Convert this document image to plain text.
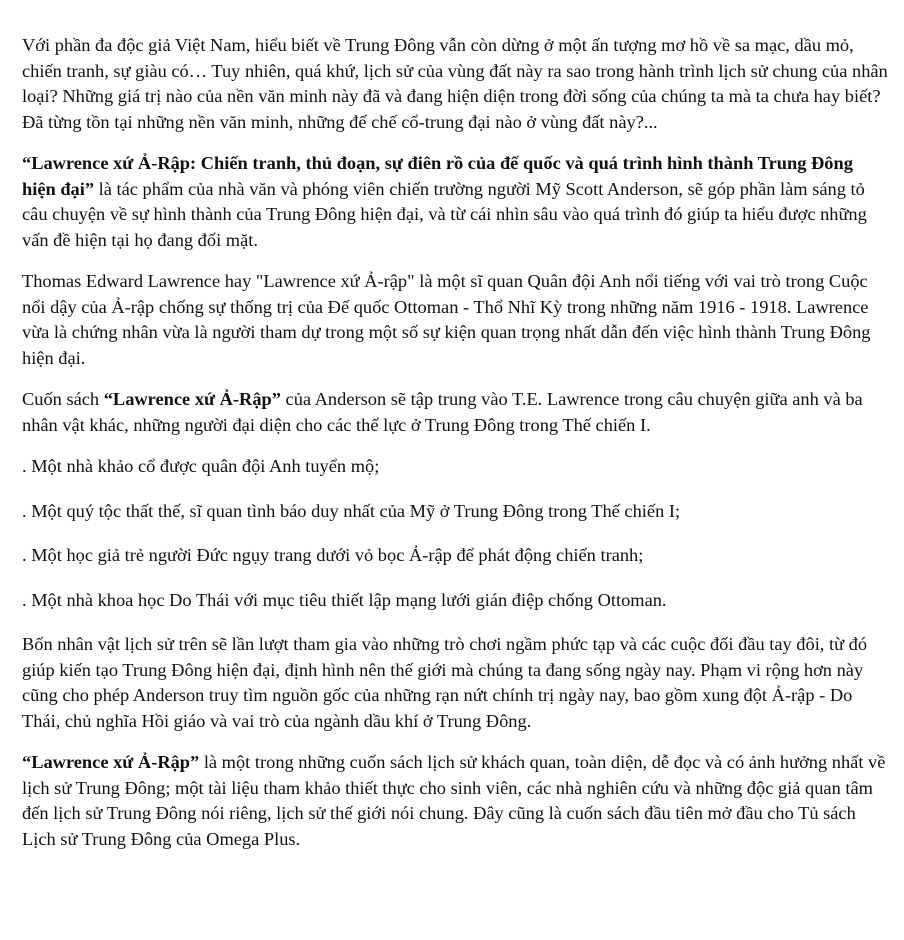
Với phần đa độc giả Việt Nam, hiểu biết về Trung Đông vẫn còn dừng ở một ấn tượng mơ hồ về sa mạc, dầu mỏ, chiến tranh, sự giàu có… Tuy nhiên, quá khứ, lịch sử của vùng đất này ra sao trong hành trình lịch sử chung của nhân loại? Những giá trị nào của nền văn minh này đã và đang hiện diện trong đời sống của chúng ta mà ta chưa hay biết? Đã từng tồn tại những nền văn minh, những đế chế cổ-trung đại nào ở vùng đất này?...

“Lawrence xứ Ả-Rập: Chiến tranh, thủ đoạn, sự điên rồ của đế quốc và quá trình hình thành Trung Đông hiện đại” là tác phẩm của nhà văn và phóng viên chiến trường người Mỹ Scott Anderson, sẽ góp phần làm sáng tỏ câu chuyện về sự hình thành của Trung Đông hiện đại, và từ cái nhìn sâu vào quá trình đó giúp ta hiểu được những vấn đề hiện tại họ đang đối mặt.

Thomas Edward Lawrence hay "Lawrence xứ Ả-rập" là một sĩ quan Quân đội Anh nổi tiếng với vai trò trong Cuộc nổi dậy của Ả-rập chống sự thống trị của Đế quốc Ottoman - Thổ Nhĩ Kỳ trong những năm 1916 - 1918. Lawrence vừa là chứng nhân vừa là người tham dự trong một số sự kiện quan trọng nhất dẫn đến việc hình thành Trung Đông hiện đại.

Cuốn sách “Lawrence xứ Ả-Rập” của Anderson sẽ tập trung vào T.E. Lawrence trong câu chuyện giữa anh và ba nhân vật khác, những người đại diện cho các thế lực ở Trung Đông trong Thế chiến I.

. Một nhà khảo cổ được quân đội Anh tuyển mộ;

. Một quý tộc thất thế, sĩ quan tình báo duy nhất của Mỹ ở Trung Đông trong Thế chiến I;

. Một học giả trẻ người Đức ngụy trang dưới vỏ bọc Ả-rập để phát động chiến tranh;

. Một nhà khoa học Do Thái với mục tiêu thiết lập mạng lưới gián điệp chống Ottoman.

Bốn nhân vật lịch sử trên sẽ lần lượt tham gia vào những trò chơi ngầm phức tạp và các cuộc đối đầu tay đôi, từ đó giúp kiến tạo Trung Đông hiện đại, định hình nên thế giới mà chúng ta đang sống ngày nay. Phạm vi rộng hơn này cũng cho phép Anderson truy tìm nguồn gốc của những rạn nứt chính trị ngày nay, bao gồm xung đột Ả-rập - Do Thái, chủ nghĩa Hồi giáo và vai trò của ngành dầu khí ở Trung Đông.

“Lawrence xứ Ả-Rập” là một trong những cuốn sách lịch sử khách quan, toàn diện, dễ đọc và có ảnh hưởng nhất về lịch sử Trung Đông; một tài liệu tham khảo thiết thực cho sinh viên, các nhà nghiên cứu và những độc giả quan tâm đến lịch sử Trung Đông nói riêng, lịch sử thế giới nói chung. Đây cũng là cuốn sách đầu tiên mở đầu cho Tủ sách Lịch sử Trung Đông của Omega Plus.
